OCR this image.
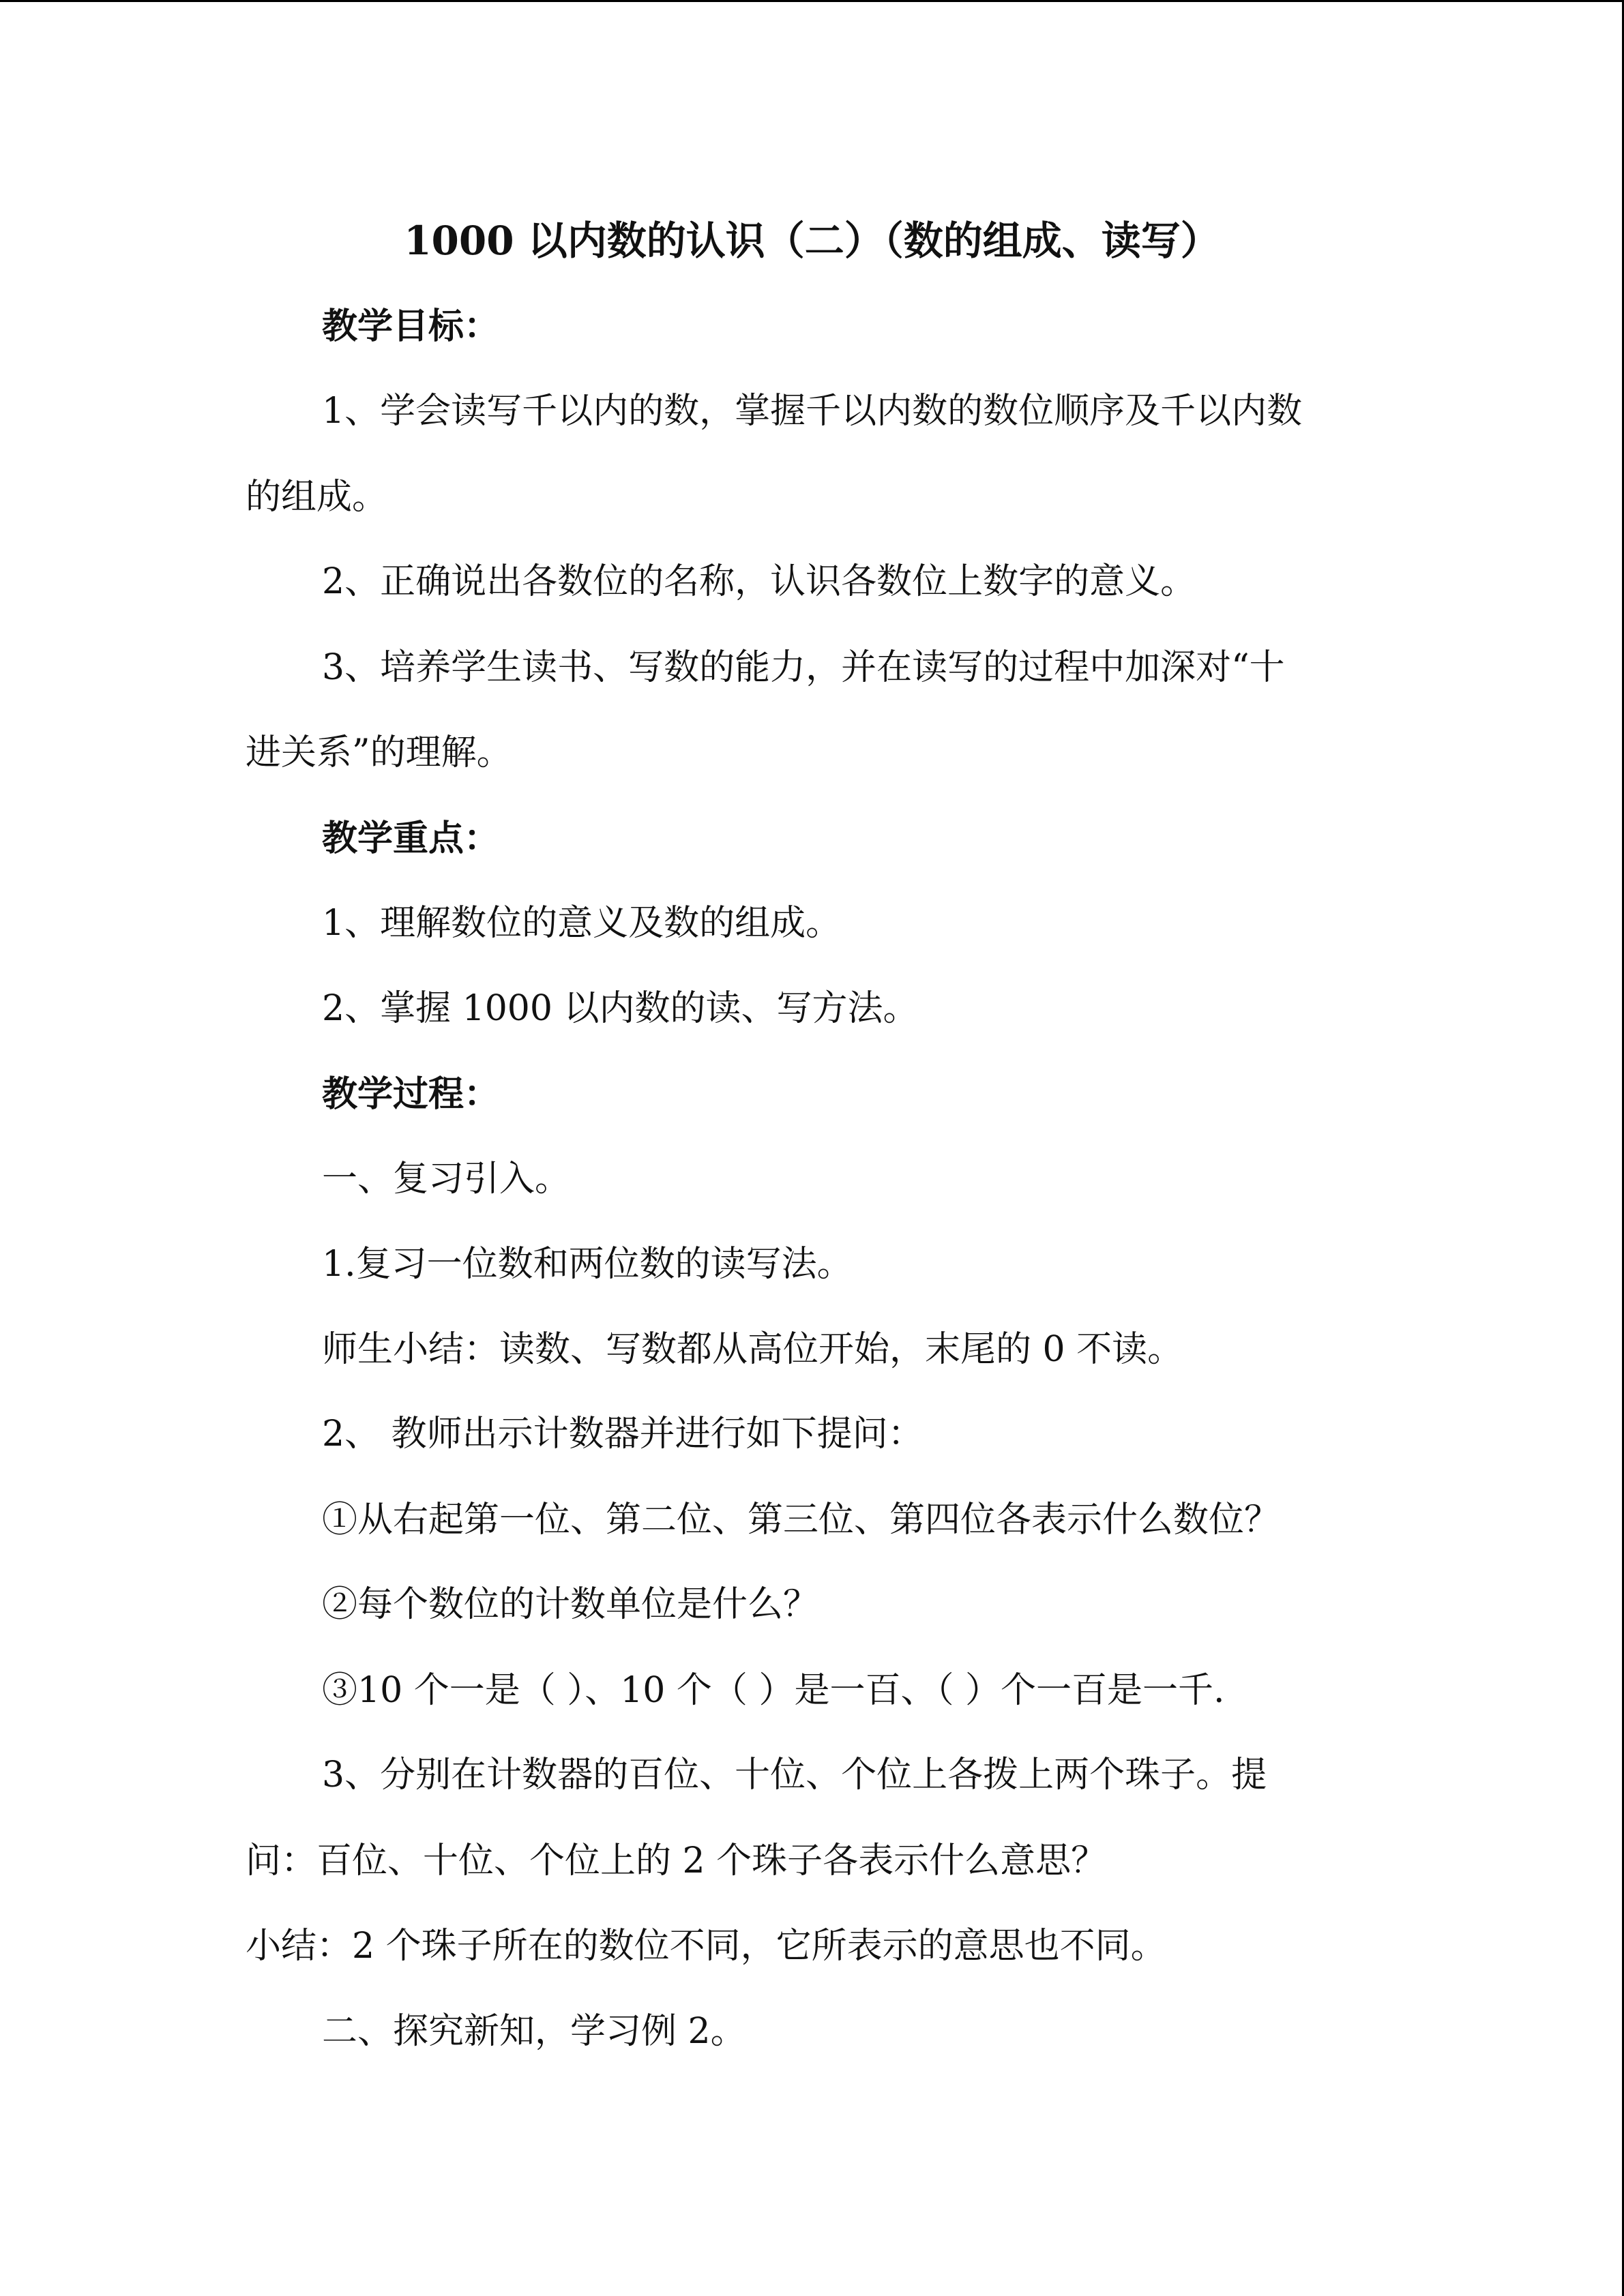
1000 以内数的认识（二）（数的组成、读写）
教学目标：
1、学会读写千以内的数，掌握千以内数的数位顺序及千以内数
的组成。
2、正确说出各数位的名称，认识各数位上数字的意义。
3、培养学生读书、写数的能力，并在读写的过程中加深对“十
进关系”的理解。
教学重点：
1、理解数位的意义及数的组成。
2、掌握 1000 以内数的读、写方法。
教学过程：
一、复习引入。
1.复习一位数和两位数的读写法。
师生小结：读数、写数都从高位开始，末尾的 0 不读。
2、 教师出示计数器并进行如下提问：
①从右起第一位、第二位、第三位、第四位各表示什么数位？
②每个数位的计数单位是什么？
③10 个一是（ ）、10 个（ ）是一百、（ ）个一百是一千.
3、分别在计数器的百位、十位、个位上各拨上两个珠子。提
问：百位、十位、个位上的 2 个珠子各表示什么意思？
小结：2 个珠子所在的数位不同，它所表示的意思也不同。
二、探究新知，学习例 2。
